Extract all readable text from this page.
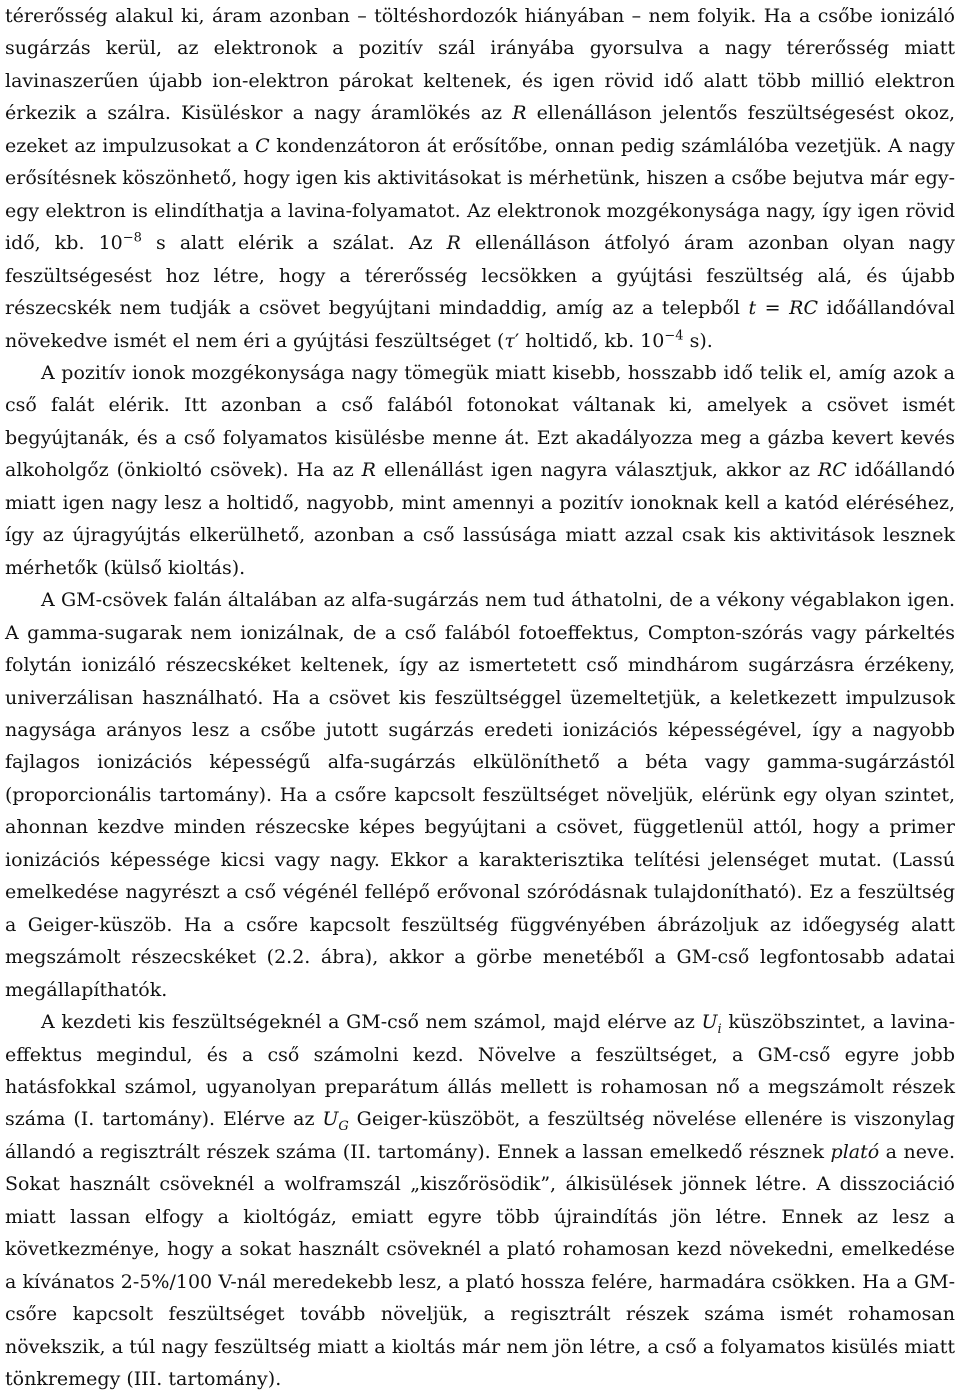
térerősség alakul ki, áram azonban – töltéshordozók hiányában – nem folyik. Ha a csőbe ionizáló sugárzás kerül, az elektronok a pozitív szál irányába gyorsulva a nagy térerősség miatt lavinaszerűen újabb ion-elektron párokat keltenek, és igen rövid idő alatt több millió elektron érkezik a szálra. Kisüléskor a nagy áramlökés az R ellenálláson jelentős feszültségesést okoz, ezeket az impulzusokat a C kondenzátoron át erősítőbe, onnan pedig számlálóba vezetjük. A nagy erősítésnek köszönhető, hogy igen kis aktivitásokat is mérhetünk, hiszen a csőbe bejutva már egy-egy elektron is elindíthatja a lavina-folyamatot. Az elektronok mozgékonysága nagy, így igen rövid idő, kb. $10^{-8}$ s alatt elérik a szálat. Az R ellenálláson átfolyó áram azonban olyan nagy feszültségesést hoz létre, hogy a térerősség lecsökken a gyújtási feszültség alá, és újabb részecskék nem tudják a csövet begyújtani mindaddig, amíg az a telepből t = RC időállandóval növekedve ismét el nem éri a gyújtási feszültséget (τ′ holtidő, kb. $10^{-4}$ s).

A pozitív ionok mozgékonysága nagy tömegük miatt kisebb, hosszabb idő telik el, amíg azok a cső falát elérik. Itt azonban a cső falából fotonokat váltanak ki, amelyek a csövet ismét begyújtanák, és a cső folyamatos kisülésbe menne át. Ezt akadályozza meg a gázba kevert kevés alkoholgőz (önkioltó csövek). Ha az R ellenállást igen nagyra választjuk, akkor az RC időállandó miatt igen nagy lesz a holtidő, nagyobb, mint amennyi a pozitív ionoknak kell a katód eléréséhez, így az újragyújtás elkerülhető, azonban a cső lassúsága miatt azzal csak kis aktivitások lesznek mérhetők (külső kioltás).

A GM-csövek falán általában az alfa-sugárzás nem tud áthatolni, de a vékony végablakon igen. A gamma-sugarak nem ionizálnak, de a cső falából fotoeffektus, Compton-szórás vagy párkeltés folytán ionizáló részecskéket keltenek, így az ismertetett cső mindhárom sugárzásra érzékeny, univerzálisan használható. Ha a csövet kis feszültséggel üzemeltetjük, a keletkezett impulzusok nagysága arányos lesz a csőbe jutott sugárzás eredeti ionizációs képességével, így a nagyobb fajlagos ionizációs képességű alfa-sugárzás elkülöníthető a béta vagy gamma-sugárzástól (proporcionális tartomány). Ha a csőre kapcsolt feszültséget növeljük, elérünk egy olyan szintet, ahonnan kezdve minden részecske képes begyújtani a csövet, függetlenül attól, hogy a primer ionizációs képessége kicsi vagy nagy. Ekkor a karakterisztika telítési jelenséget mutat. (Lassú emelkedése nagyrészt a cső végénél fellépő erővonal szóródásnak tulajdonítható). Ez a feszültség a Geiger-küszöb. Ha a csőre kapcsolt feszültség függvényében ábrázoljuk az időegység alatt megszámolt részecskéket (2.2. ábra), akkor a görbe menetéből a GM-cső legfontosabb adatai megállapíthatók.

A kezdeti kis feszültségeknél a GM-cső nem számol, majd elérve az $U_i$ küszöbszintet, a lavina-effektus megindul, és a cső számolni kezd. Növelve a feszültséget, a GM-cső egyre jobb hatásfokkal számol, ugyanolyan preparátum állás mellett is rohamosan nő a megszámolt részek száma (I. tartomány). Elérve az $U_G$ Geiger-küszöböt, a feszültség növelése ellenére is viszonylag állandó a regisztrált részek száma (II. tartomány). Ennek a lassan emelkedő résznek plató a neve. Sokat használt csöveknél a wolframszál „kiszőrösödik”, álkisülések jönnek létre. A disszociáció miatt lassan elfogy a kioltógáz, emiatt egyre több újraindítás jön létre. Ennek az lesz a következménye, hogy a sokat használt csöveknél a plató rohamosan kezd növekedni, emelkedése a kívánatos 2-5%/100 V-nál meredekebb lesz, a plató hossza felére, harmadára csökken. Ha a GM-csőre kapcsolt feszültséget tovább növeljük, a regisztrált részek száma ismét rohamosan növekszik, a túl nagy feszültség miatt a kioltás már nem jön létre, a cső a folyamatos kisülés miatt tönkremegy (III. tartomány).
